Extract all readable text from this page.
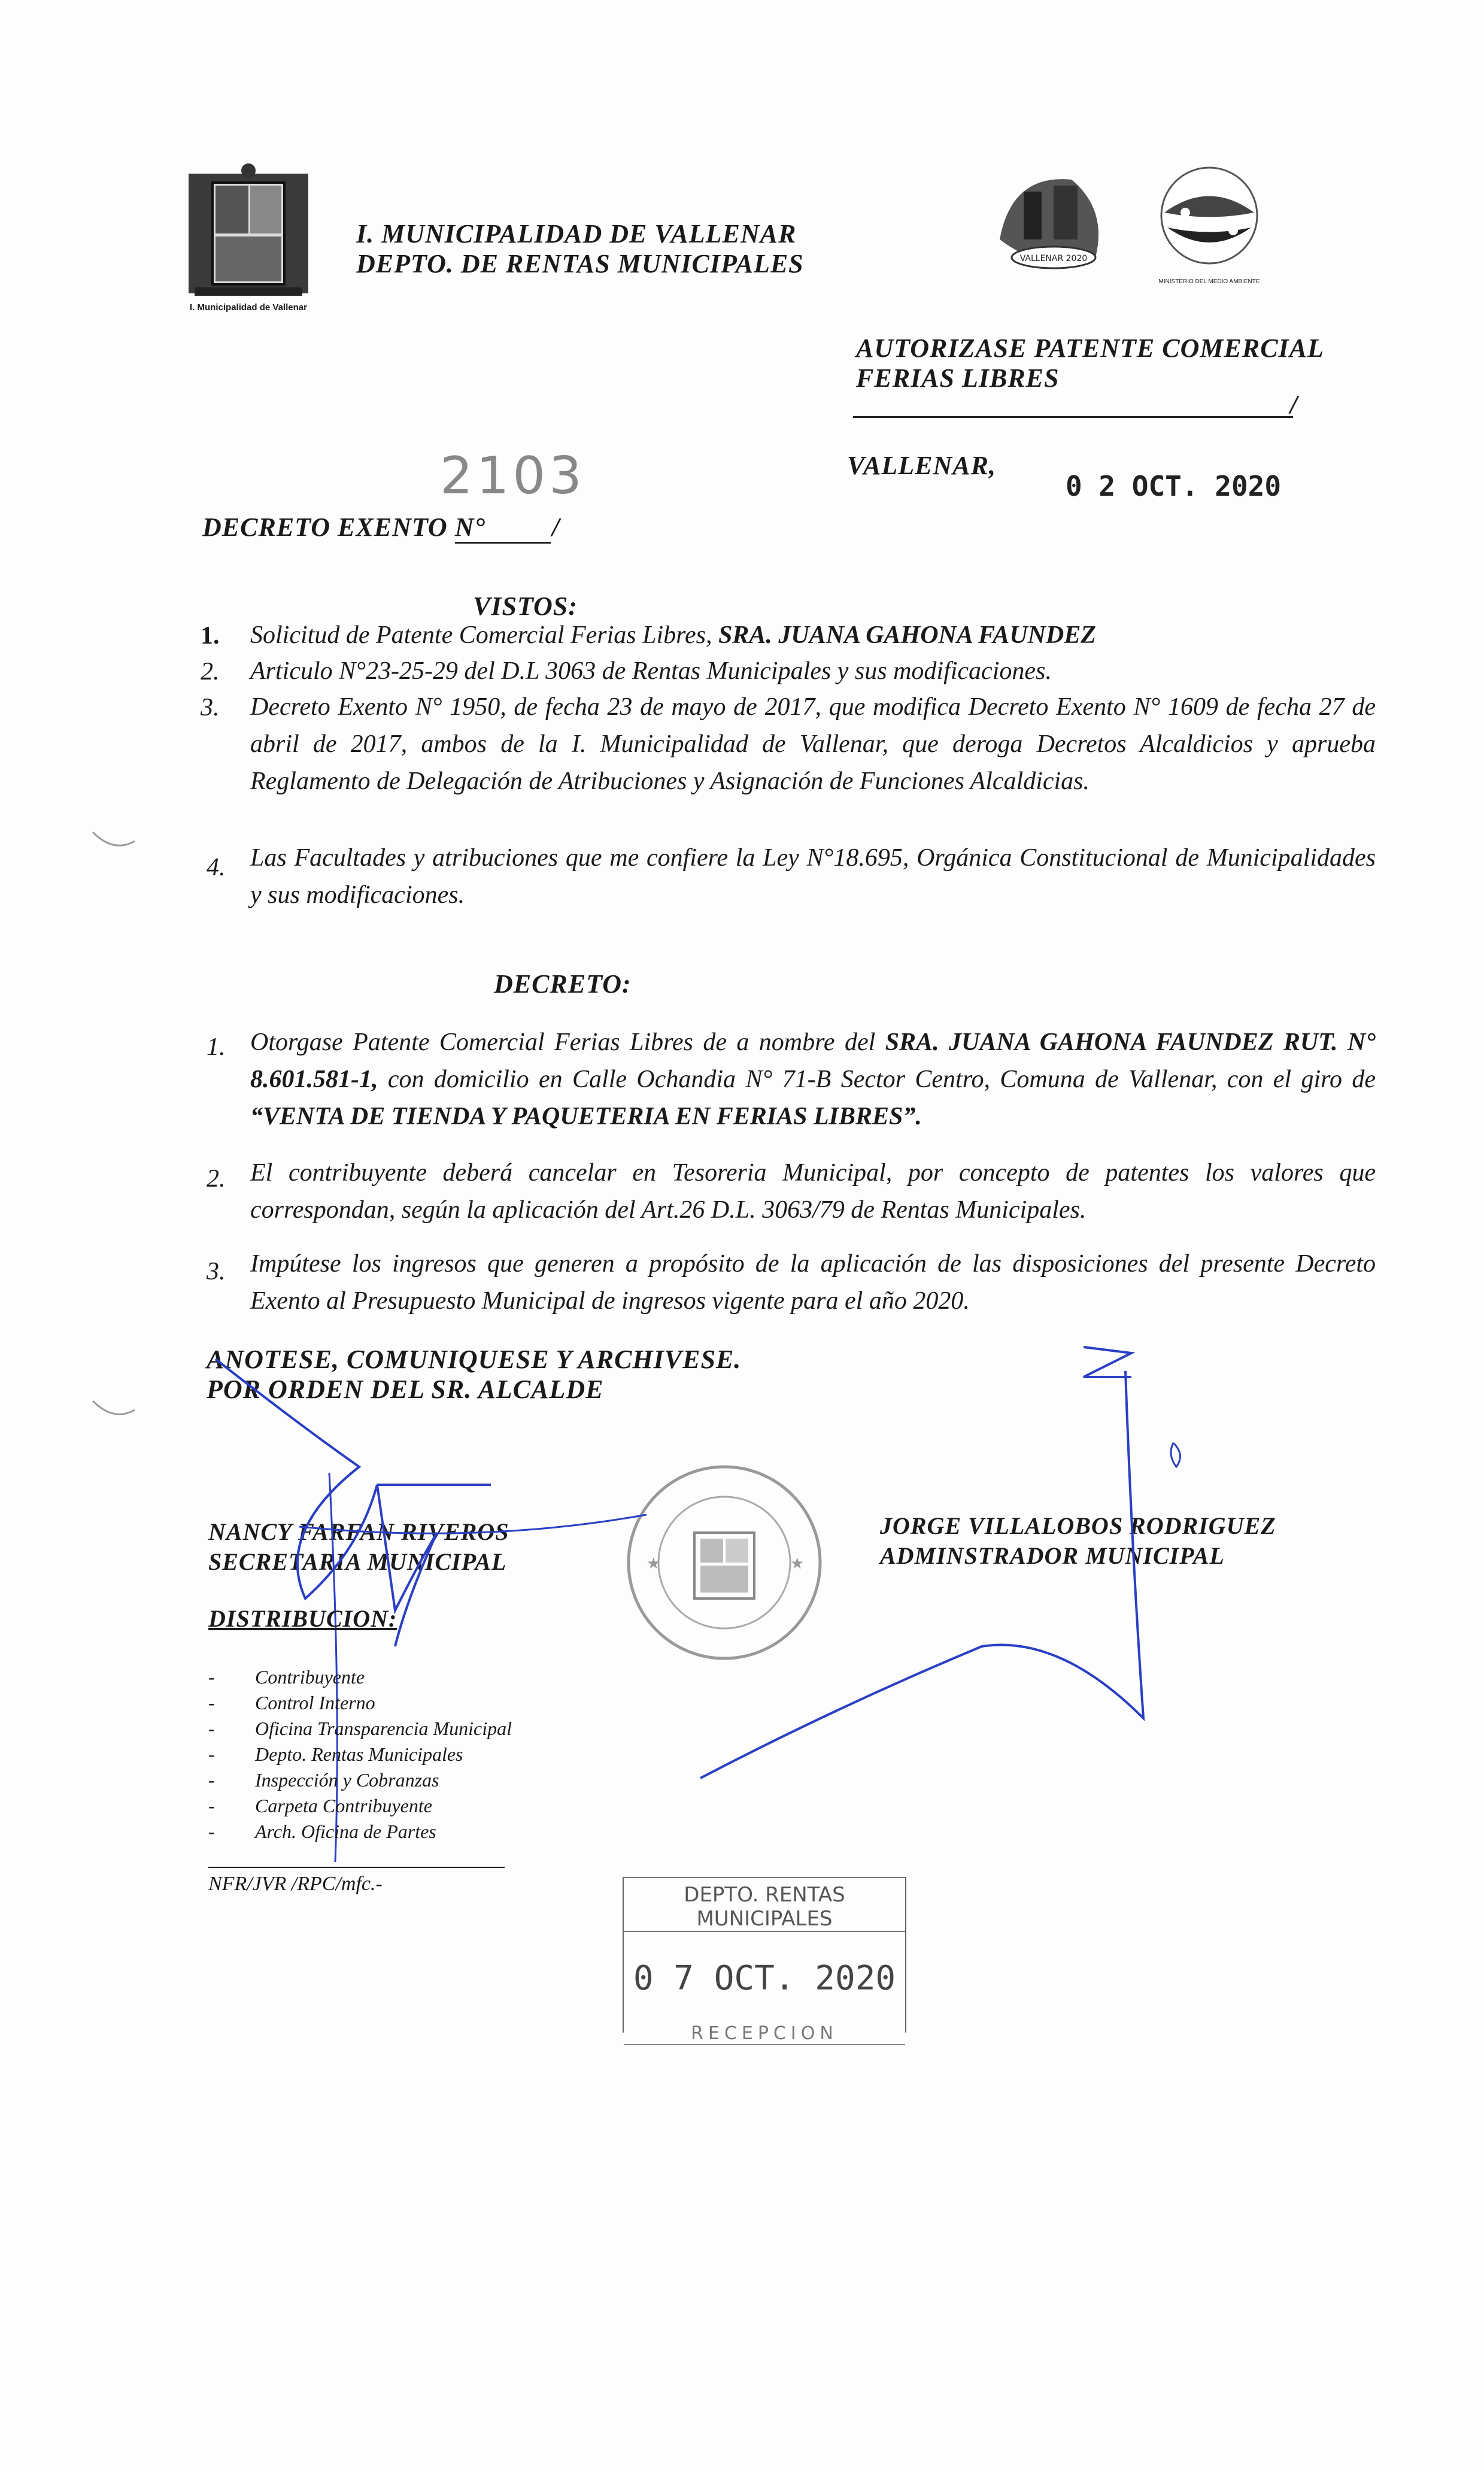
I. Municipalidad de Vallenar
I. MUNICIPALIDAD DE VALLENAR
DEPTO. DE RENTAS MUNICIPALES	VALLENAR 2020
MINISTERIO DEL MEDIO AMBIENTE
AUTORIZASE PATENTE COMERCIAL
FERIAS LIBRES
/
2103
DECRETO EXENTO N°	/
VALLENAR,
0 2 OCT. 2020
VISTOS:
1. Solicitud de Patente Comercial Ferias Libres, SRA. JUANA GAHONA FAUNDEZ
2. Articulo N°23-25-29 del D.L 3063 de Rentas Municipales y sus modificaciones.
3. Decreto Exento N° 1950, de fecha 23 de mayo de 2017, que modifica Decreto Exento N° 1609 de fecha 27 de abril de 2017, ambos de la I. Municipalidad de Vallenar, que deroga Decretos Alcaldicios y aprueba Reglamento de Delegación de Atribuciones y Asignación de Funciones Alcaldicias.
4. Las Facultades y atribuciones que me confiere la Ley N°18.695, Orgánica Constitucional de Municipalidades y sus modificaciones.
DECRETO:
1. Otorgase Patente Comercial Ferias Libres de a nombre del SRA. JUANA GAHONA FAUNDEZ RUT. N° 8.601.581-1, con domicilio en Calle Ochandia N° 71-B Sector Centro, Comuna de Vallenar, con el giro de “VENTA DE TIENDA Y PAQUETERIA EN FERIAS LIBRES”.
2. El contribuyente deberá cancelar en Tesoreria Municipal, por concepto de patentes los valores que correspondan, según la aplicación del Art.26 D.L. 3063/79 de Rentas Municipales.
3. Impútese los ingresos que generen a propósito de la aplicación de las disposiciones del presente Decreto Exento al Presupuesto Municipal de ingresos vigente para el año 2020.
ANOTESE, COMUNIQUESE Y ARCHIVESE.
POR ORDEN DEL SR. ALCALDE
NANCY FARFAN RIVEROS
SECRETARIA MUNICIPAL
JORGE VILLALOBOS RODRIGUEZ
ADMINSTRADOR MUNICIPAL
★	★
DISTRIBUCION:
- Contribuyente
- Control Interno
- Oficina Transparencia Municipal
- Depto. Rentas Municipales
- Inspección y Cobranzas
- Carpeta Contribuyente
- Arch. Oficina de Partes
NFR/JVR /RPC/mfc.-	DEPTO. RENTAS MUNICIPALES
0 7 OCT. 2020
RECEPCION
